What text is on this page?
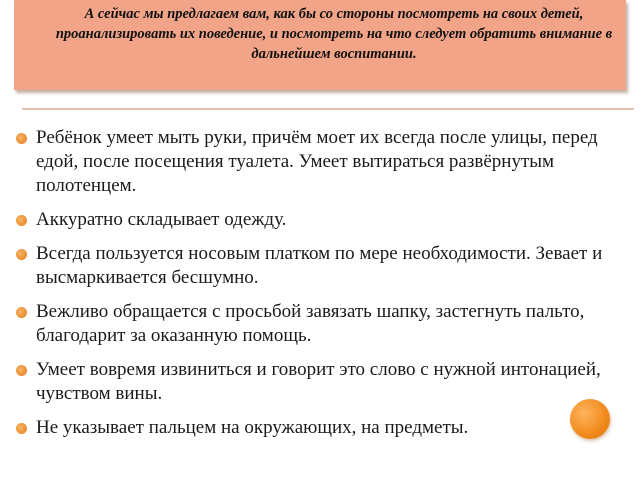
А сейчас мы предлагаем вам, как бы со стороны посмотреть на своих детей, проанализировать их поведение, и посмотреть на что следует обратить внимание в дальнейшем воспитании.

Ребёнок умеет мыть руки, причём моет их всегда после улицы, перед едой, после посещения туалета. Умеет вытираться развёрнутым полотенцем.
Аккуратно складывает одежду.
Всегда пользуется носовым платком по мере необходимости. Зевает и высмаркивается бесшумно.
Вежливо обращается с просьбой завязать шапку, застегнуть пальто, благодарит за оказанную помощь.
Умеет вовремя извиниться и говорит это слово с нужной интонацией, чувством вины.
Не указывает пальцем на окружающих, на предметы.
